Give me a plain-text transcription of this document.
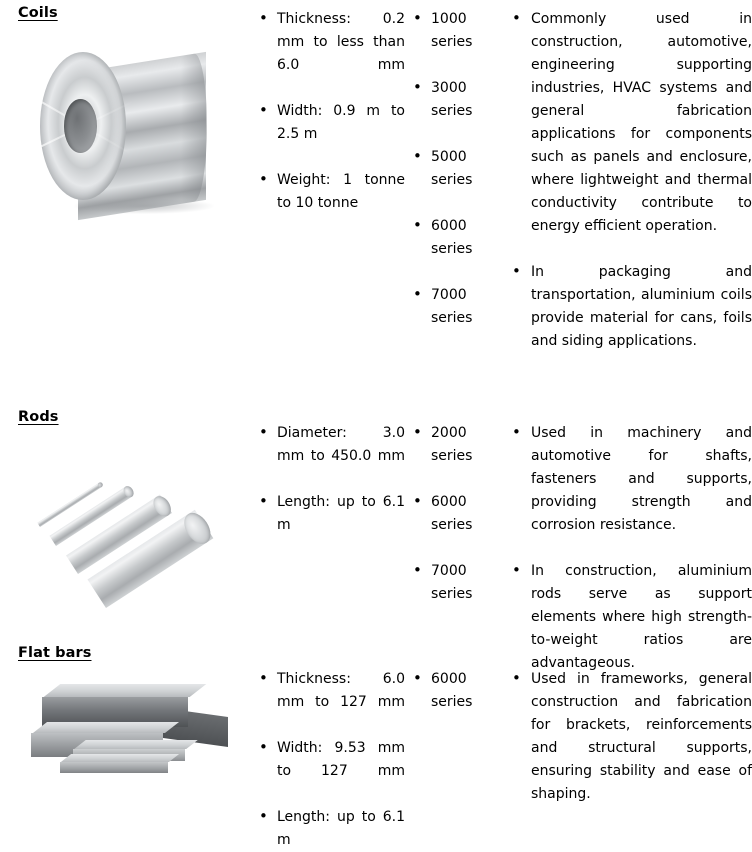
Coils	• Thickness: 0.2 mm to less than 6.0 mm
• Width: 0.9 m to 2.5 m
• Weight: 1 tonne to 10 tonne
• 1000 series
• 3000 series
• 5000 series
• 6000 series
• 7000 series
• Commonly used in construction, automotive, engineering supporting industries, HVAC systems and general fabrication applications for components such as panels and enclosure, where lightweight and thermal conductivity contribute to energy efficient operation.
• In packaging and transportation, aluminium coils provide material for cans, foils and siding applications.
Rods
• Diameter: 3.0 mm to 450.0 mm
• Length: up to 6.1 m
• 2000 series
• 6000 series
• 7000 series
• Used in machinery and automotive for shafts, fasteners and supports, providing strength and corrosion resistance.
• In construction, aluminium rods serve as support elements where high strength-to-weight ratios are advantageous.
Flat bars
• Thickness: 6.0 mm to 127 mm
• Width: 9.53 mm to 127 mm
• Length: up to 6.1 m
• 6000 series
• Used in frameworks, general construction and fabrication for brackets, reinforcements and structural supports, ensuring stability and ease of shaping.
